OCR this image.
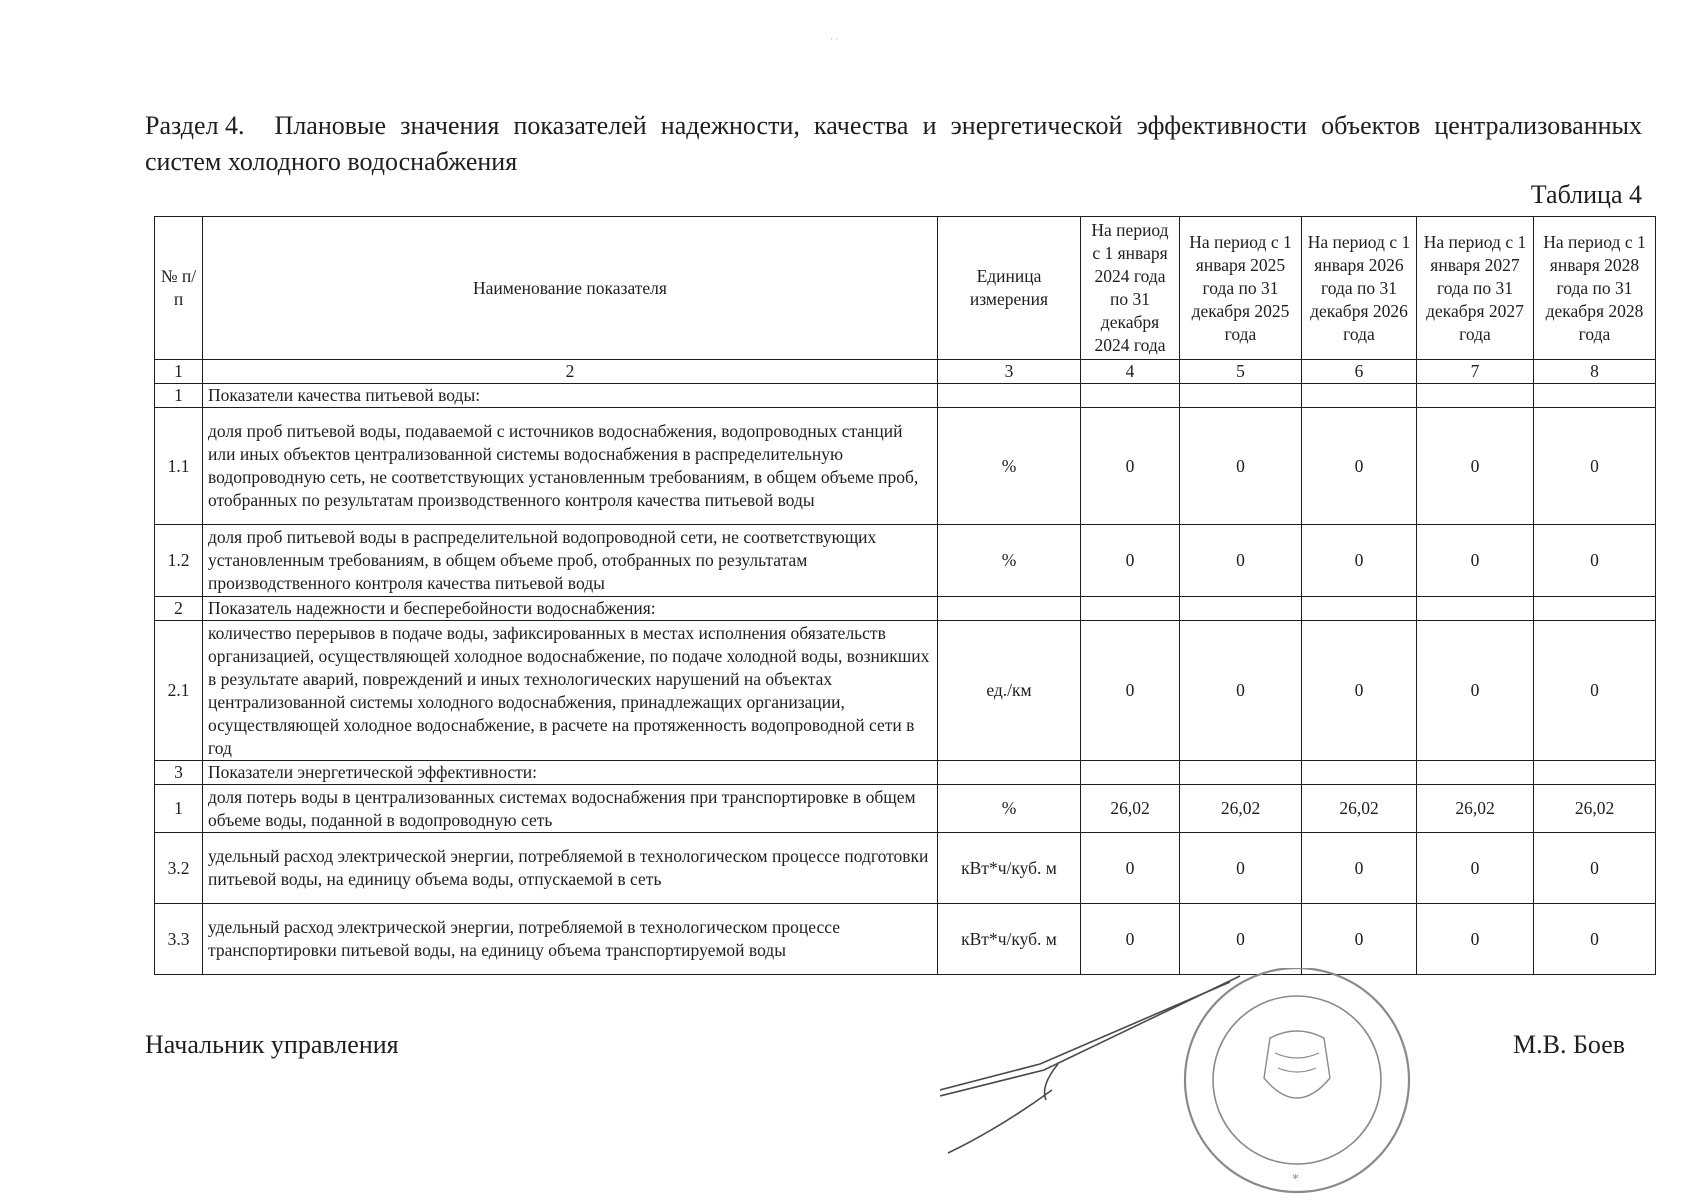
· ·
Раздел 4. Плановые значения показателей надежности, качества и энергетической эффективности объектов централизованных систем холодного водоснабжения
Таблица 4
№ п/ п	Наименование показателя	Единица измерения	На период с 1 января 2024 года по 31 декабря 2024 года	На период с 1 января 2025 года по 31 декабря 2025 года	На период с 1 января 2026 года по 31 декабря 2026 года	На период с 1 января 2027 года по 31 декабря 2027 года	На период с 1 января 2028 года по 31 декабря 2028 года
1	2	3	4	5	6	7	8
1	Показатели качества питьевой воды:						
1.1	доля проб питьевой воды, подаваемой с источников водоснабжения, водопроводных станций или иных объектов централизованной системы водоснабжения в распределительную водопроводную сеть, не соответствующих установленным требованиям, в общем объеме проб, отобранных по результатам производственного контроля качества питьевой воды	%	0	0	0	0	0
1.2	доля проб питьевой воды в распределительной водопроводной сети, не соответствующих установленным требованиям, в общем объеме проб, отобранных по результатам производственного контроля качества питьевой воды	%	0	0	0	0	0
2	Показатель надежности и бесперебойности водоснабжения:						
2.1	количество перерывов в подаче воды, зафиксированных в местах исполнения обязательств организацией, осуществляющей холодное водоснабжение, по подаче холодной воды, возникших в результате аварий, повреждений и иных технологических нарушений на объектах централизованной системы холодного водоснабжения, принадлежащих организации, осуществляющей холодное водоснабжение, в расчете на протяженность водопроводной сети в год	ед./км	0	0	0	0	0
3	Показатели энергетической эффективности:						
1	доля потерь воды в централизованных системах водоснабжения при транспортировке в общем объеме воды, поданной в водопроводную сеть	%	26,02	26,02	26,02	26,02	26,02
3.2	удельный расход электрической энергии, потребляемой в технологическом процессе подготовки питьевой воды, на единицу объема воды, отпускаемой в сеть	кВт*ч/куб. м	0	0	0	0	0
3.3	удельный расход электрической энергии, потребляемой в технологическом процессе транспортировки питьевой воды, на единицу объема транспортируемой воды	кВт*ч/куб. м	0	0	0	0	0
Начальник управления	М.В. Боев
*
